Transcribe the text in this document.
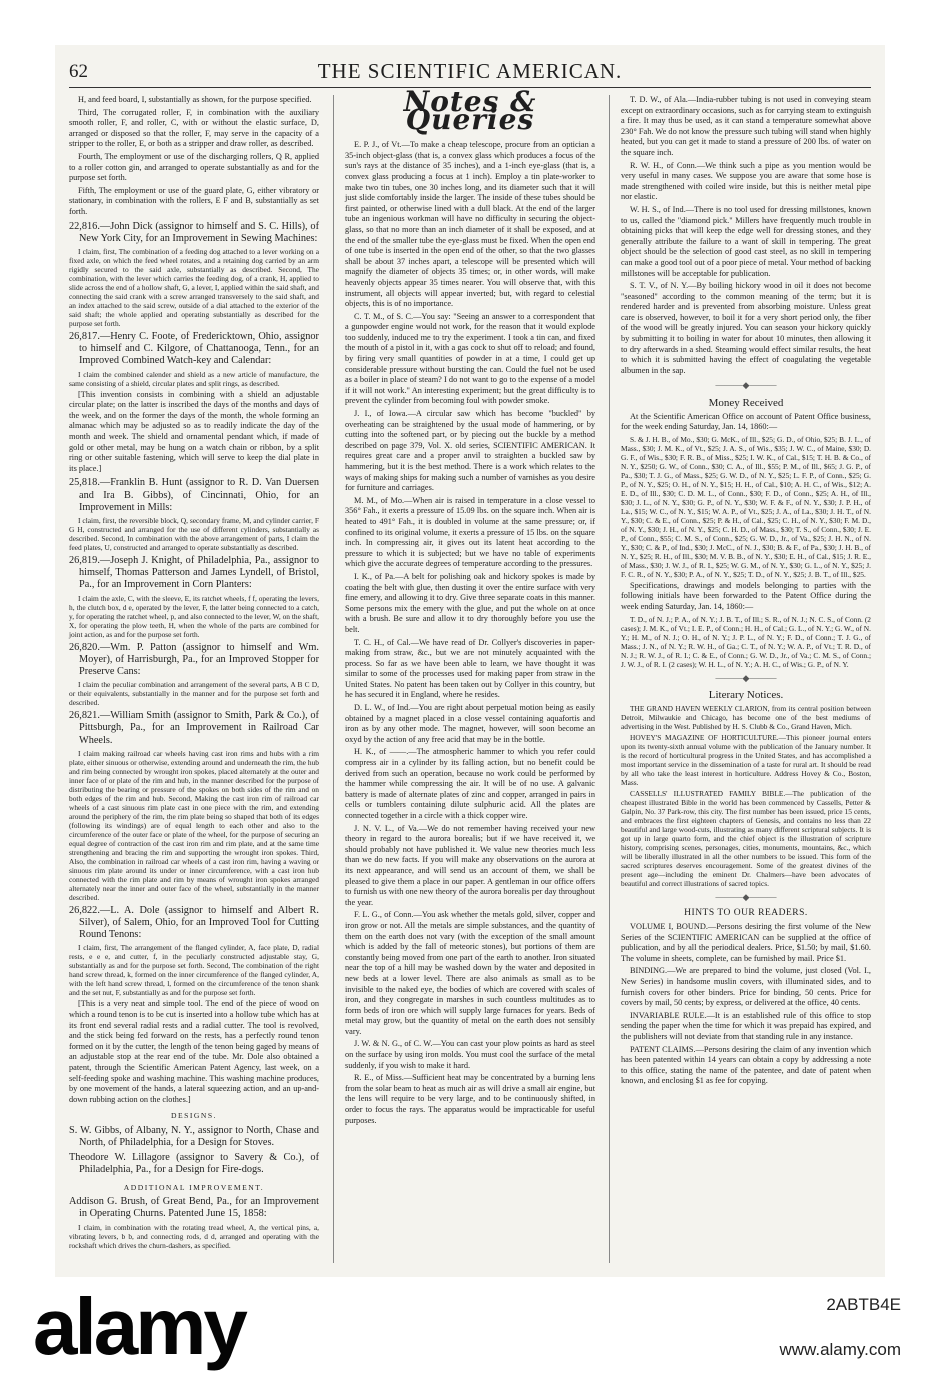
62	THE SCIENTIFIC AMERICAN.

H, and feed board, I, substantially as shown, for the purpose specified.

Third, The corrugated roller, F, in combination with the auxiliary smooth roller, F, and roller, C, with or without the elastic surface, D, arranged or disposed so that the roller, F, may serve in the capacity of a stripper to the roller, E, or both as a stripper and draw roller, as described.

Fourth, The employment or use of the discharging rollers, Q R, applied to a roller cotton gin, and arranged to operate substantially as and for the purpose set forth.

Fifth, The employment or use of the guard plate, G, either vibratory or stationary, in combination with the rollers, E F and B, substantially as set forth.

22,816.—John Dick (assignor to himself and S. C. Hills), of New York City, for an Improvement in Sewing Machines:

I claim, first, The combination of a feeding dog attached to a lever working on a fixed axle, on which the feed wheel rotates, and a retaining dog carried by an arm rigidly secured to the said axle, substantially as described. Second, The combination, with the lever which carries the feeding dog, of a crank, H, applied to slide across the end of a hollow shaft, G, a lever, I, applied within the said shaft, and connecting the said crank with a screw arranged transversely to the said shaft, and an index attached to the said screw, outside of a dial attached to the exterior of the said shaft; the whole applied and operating substantially as described for the purpose set forth.

26,817.—Henry C. Foote, of Fredericktown, Ohio, assignor to himself and C. Kilgore, of Chattanooga, Tenn., for an Improved Combined Watch-key and Calendar:

I claim the combined calender and shield as a new article of manufacture, the same consisting of a shield, circular plates and split rings, as described.

[This invention consists in combining with a shield an adjustable circular plate; on the latter is inscribed the days of the months and days of the week, and on the former the days of the month, the whole forming an almanac which may be adjusted so as to readily indicate the day of the month and week. The shield and ornamental pendant which, if made of gold or other metal, may be hung on a watch chain or ribbon, by a split ring or other suitable fastening, which will serve to keep the dial plate in its place.]

25,818.—Franklin B. Hunt (assignor to R. D. Van Duersen and Ira B. Gibbs), of Cincinnati, Ohio, for an Improvement in Mills:

I claim, first, the reversible block, Q, secondary frame, M, and cylinder carrier, F G H, constructed and arranged for the use of different cylinders, substantially as described. Second, In combination with the above arrangement of parts, I claim the feed plates, U, constructed and arranged to operate substantially as described.

26,819.—Joseph J. Knight, of Philadelphia, Pa., assignor to himself, Thomas Patterson and James Lyndell, of Bristol, Pa., for an Improvement in Corn Planters:

I claim the axle, C, with the sleeve, E, its ratchet wheels, f f, operating the levers, h, the clutch box, d e, operated by the lever, F, the latter being connected to a catch, y, for operating the ratchet wheel, p, and also connected to the lever, W, on the shaft, X, for operating the plow teeth, H, when the whole of the parts are combined for joint action, as and for the purpose set forth.

26,820.—Wm. P. Patton (assignor to himself and Wm. Moyer), of Harrisburgh, Pa., for an Improved Stopper for Preserve Cans:

I claim the peculiar combination and arrangement of the several parts, A B C D, or their equivalents, substantially in the manner and for the purpose set forth and described.

26,821.—William Smith (assignor to Smith, Park & Co.), of Pittsburgh, Pa., for an Improvement in Railroad Car Wheels.

I claim making railroad car wheels having cast iron rims and hubs with a rim plate, either sinuous or otherwise, extending around and underneath the rim, the hub and rim being connected by wrought iron spokes, placed alternately at the outer and inner face of or plate of the rim and hub, in the manner described for the purpose of distributing the bearing or pressure of the spokes on both sides of the rim and on both edges of the rim and hub. Second, Making the cast iron rim of railroad car wheels of a cast sinuous rim plate cast in one piece with the rim, and extending around the periphery of the rim, the rim plate being so shaped that both of its edges (following its windings) are of equal length to each other and also to the circumference of the outer face or plate of the wheel, for the purpose of securing an equal degree of contraction of the cast iron rim and rim plate, and at the same time strengthening and bracing the rim and supporting the wrought iron spokes. Third, Also, the combination in railroad car wheels of a cast iron rim, having a waving or sinuous rim plate around its under or inner circumference, with a cast iron hub connected with the rim plate and rim by means of wrought iron spokes arranged alternately near the inner and outer face of the wheel, substantially in the manner described.

26,822.—L. A. Dole (assignor to himself and Albert R. Silver), of Salem, Ohio, for an Improved Tool for Cutting Round Tenons:

I claim, first, The arrangement of the flanged cylinder, A, face plate, D, radial rests, e e e, and cutter, f, in the peculiarly constructed adjustable stay, G, substantially as and for the purpose set forth. Second, The combination of the right hand screw thread, k, formed on the inner circumference of the flanged cylinder, A, with the left hand screw thread, l, formed on the circumference of the tenon shank and the set nut, F, substantially as and for the purpose set forth.

[This is a very neat and simple tool. The end of the piece of wood on which a round tenon is to be cut is inserted into a hollow tube which has at its front end several radial rests and a radial cutter. The tool is revolved, and the stick being fed forward on the rests, has a perfectly round tenon formed on it by the cutter, the length of the tenon being gaged by means of an adjustable stop at the rear end of the tube. Mr. Dole also obtained a patent, through the Scientific American Patent Agency, last week, on a self-feeding spoke and washing machine. This washing machine produces, by one movement of the hands, a lateral squeezing action, and an up-and-down rubbing action on the clothes.]

DESIGNS.
S. W. Gibbs, of Albany, N. Y., assignor to North, Chase and North, of Philadelphia, for a Design for Stoves.
Theodore W. Lillagore (assignor to Savery & Co.), of Philadelphia, Pa., for a Design for Fire-dogs.
ADDITIONAL IMPROVEMENT.
Addison G. Brush, of Great Bend, Pa., for an Improvement in Operating Churns. Patented June 15, 1858:

I claim, in combination with the rotating tread wheel, A, the vertical pins, a, vibrating levers, b b, and connecting rods, d d, arranged and operating with the rockshaft which drives the churn-dashers, as specified.

Notes & Queries

E. P. J., of Vt.—To make a cheap telescope, procure from an optician a 35-inch object-glass (that is, a convex glass which produces a focus of the sun's rays at the distance of 35 inches), and a 1-inch eye-glass (that is, a convex glass producing a focus at 1 inch). Employ a tin plate-worker to make two tin tubes, one 30 inches long, and its diameter such that it will just slide comfortably inside the larger. The inside of these tubes should be first painted, or otherwise lined with a dull black. At the end of the larger tube an ingenious workman will have no difficulty in securing the object-glass, so that no more than an inch diameter of it shall be exposed, and at the end of the smaller tube the eye-glass must be fixed. When the open end of one tube is inserted in the open end of the other, so that the two glasses shall be about 37 inches apart, a telescope will be presented which will magnify the diameter of objects 35 times; or, in other words, will make heavenly objects appear 35 times nearer. You will observe that, with this instrument, all objects will appear inverted; but, with regard to celestial objects, this is of no importance.

C. T. M., of S. C.—You say: "Seeing an answer to a correspondent that a gunpowder engine would not work, for the reason that it would explode too suddenly, induced me to try the experiment. I took a tin can, and fixed the mouth of a pistol in it, with a gas cock to shut off to reload; and found, by firing very small quantities of powder in at a time, I could get up considerable pressure without bursting the can. Could the fuel not be used as a boiler in place of steam? I do not want to go to the expense of a model if it will not work." An interesting experiment; but the great difficulty is to prevent the cylinder from becoming foul with powder smoke.

J. I., of Iowa.—A circular saw which has become "buckled" by overheating can be straightened by the usual mode of hammering, or by cutting into the softened part, or by piecing out the buckle by a method described on page 379, Vol. X. old series, SCIENTIFIC AMERICAN. It requires great care and a proper anvil to straighten a buckled saw by hammering, but it is the best method. There is a work which relates to the ways of making ships for making such a number of varnishes as you desire for furniture and carriages.

M. M., of Mo.—When air is raised in temperature in a close vessel to 356° Fah., it exerts a pressure of 15.09 lbs. on the square inch. When air is heated to 491° Fah., it is doubled in volume at the same pressure; or, if confined to its original volume, it exerts a pressure of 15 lbs. on the square inch. In compressing air, it gives out its latent heat according to the pressure to which it is subjected; but we have no table of experiments which give the accurate degrees of temperature according to the pressures.

I. K., of Pa.—A belt for polishing oak and hickory spokes is made by coating the belt with glue, then dusting it over the entire surface with very fine emery, and allowing it to dry. Give three separate coats in this manner. Some persons mix the emery with the glue, and put the whole on at once with a brush. Be sure and allow it to dry thoroughly before you use the belt.

T. C. H., of Cal.—We have read of Dr. Collyer's discoveries in paper-making from straw, &c., but we are not minutely acquainted with the process. So far as we have been able to learn, we have thought it was similar to some of the processes used for making paper from straw in the United States. No patent has been taken out by Collyer in this country, but he has secured it in England, where he resides.

D. L. W., of Ind.—You are right about perpetual motion being as easily obtained by a magnet placed in a close vessel containing aquafortis and iron as by any other mode. The magnet, however, will soon become an oxyd by the action of any free acid that may be in the bottle.

H. K., of ——.—The atmospheric hammer to which you refer could compress air in a cylinder by its falling action, but no benefit could be derived from such an operation, because no work could be performed by the hammer while compressing the air. It will be of no use. A galvanic battery is made of alternate plates of zinc and copper, arranged in pairs in cells or tumblers containing dilute sulphuric acid. All the plates are connected together in a circle with a thick copper wire.

J. N. V. L., of Va.—We do not remember having received your new theory in regard to the aurora borealis; but if we have received it, we should probably not have published it. We value new theories much less than we do new facts. If you will make any observations on the aurora at its next appearance, and will send us an account of them, we shall be pleased to give them a place in our paper. A gentleman in our office offers to furnish us with one new theory of the aurora borealis per day throughout the year.

F. L. G., of Conn.—You ask whether the metals gold, silver, copper and iron grow or not. All the metals are simple substances, and the quantity of them on the earth does not vary (with the exception of the small amount which is added by the fall of meteoric stones), but portions of them are constantly being moved from one part of the earth to another. Iron situated near the top of a hill may be washed down by the water and deposited in new beds at a lower level. There are also animals as small as to be invisible to the naked eye, the bodies of which are covered with scales of iron, and they congregate in marshes in such countless multitudes as to form beds of iron ore which will supply large furnaces for years. Beds of metal may grow, but the quantity of metal on the earth does not sensibly vary.

J. W. & N. G., of C. W.—You can cast your plow points as hard as steel on the surface by using iron molds. You must cool the surface of the metal suddenly, if you wish to make it hard.

R. E., of Miss.—Sufficient heat may be concentrated by a burning lens from the solar beam to heat as much air as will drive a small air engine, but the lens will require to be very large, and to be continuously shifted, in order to focus the rays. The apparatus would be impracticable for useful purposes.

T. D. W., of Ala.—India-rubber tubing is not used in conveying steam except on extraordinary occasions, such as for carrying steam to extinguish a fire. It may thus be used, as it can stand a temperature somewhat above 230° Fah. We do not know the pressure such tubing will stand when highly heated, but you can get it made to stand a pressure of 200 lbs. of water on the square inch.

R. W. H., of Conn.—We think such a pipe as you mention would be very useful in many cases. We suppose you are aware that some hose is made strengthened with coiled wire inside, but this is neither metal pipe nor elastic.

W. H. S., of Ind.—There is no tool used for dressing millstones, known to us, called the "diamond pick." Millers have frequently much trouble in obtaining picks that will keep the edge well for dressing stones, and they generally attribute the failure to a want of skill in tempering. The great object should be the selection of good cast steel, as no skill in tempering can make a good tool out of a poor piece of metal. Your method of backing millstones will be acceptable for publication.

S. T. V., of N. Y.—By boiling hickory wood in oil it does not become "seasoned" according to the common meaning of the term; but it is rendered harder and is prevented from absorbing moisture. Unless great care is observed, however, to boil it for a very short period only, the fiber of the wood will be greatly injured. You can season your hickory quickly by submitting it to boiling in water for about 10 minutes, then allowing it to dry afterwards in a shed. Steaming would effect similar results, the heat to which it is submitted having the effect of coagulating the vegetable albumen in the sap.

———◆———
Money Received

At the Scientific American Office on account of Patent Office business, for the week ending Saturday, Jan. 14, 1860:—

S. & J. H. B., of Mo., $30; G. McK., of Ill., $25; G. D., of Ohio, $25; B. J. L., of Mass., $30; J. M. K., of Vt., $25; J. A. S., of Wis., $35; J. W. C., of Maine, $30; D. G. F., of Wis., $30; F. R. B., of Miss., $25; I. W. K., of Cal., $15; T. H. B. & Co., of N. Y., $250; G. W., of Conn., $30; C. A., of Ill., $55; P. M., of Ill., $65; J. G. P., of Pa., $30; T. J. G., of Mass., $25; G. W. D., of N. Y., $25; L. F. P., of Conn., $25; G. P., of N. Y., $25; O. H., of N. Y., $15; H. H., of Cal., $10; A. H. C., of Wis., $12; A. E. D., of Ill., $30; C. D. M. L., of Conn., $30; F. D., of Conn., $25; A. H., of Ill., $30; J. L., of N. Y., $30; G. P., of N. Y., $30; W. F. & F., of N. Y., $30; J. P. H., of La., $15; W. C., of N. Y., $15; W. A. P., of Vt., $25; J. A., of La., $30; J. H. T., of N. Y., $30; C. & E., of Conn., $25; P. & H., of Cal., $25; C. H., of N. Y., $30; F. M. D., of N. Y., $30; J. H., of N. Y., $25; C. H. D., of Mass., $30; T. S., of Conn., $30; J. E. P., of Conn., $55; C. M. S., of Conn., $25; G. W. D., Jr., of Va., $25; J. H. N., of N. Y., $30; C. & P., of Ind., $30; J. McC., of N. J., $30; B. & F., of Pa., $30; J. H. B., of N. Y., $25; R. H., of Ill., $30; M. V. B. B., of N. Y., $30; E. H., of Cal., $15; J. R. E., of Mass., $30; J. W. J., of R. I., $25; W. G. M., of N. Y., $30; G. L., of N. Y., $25; J. F. C. R., of N. Y., $30; P. A., of N. Y., $25; T. D., of N. Y., $25; J. B. T., of Ill., $25.

Specifications, drawings and models belonging to parties with the following initials have been forwarded to the Patent Office during the week ending Saturday, Jan. 14, 1860:—

T. D., of N. J.; P. A., of N. Y.; J. B. T., of Ill.; S. R., of N. J.; N. C. S., of Conn. (2 cases); J. M. K., of Vt.; I. E. P., of Conn.; H. H., of Cal.; G. L., of N. Y.; G. W., of N. Y.; H. M., of N. J.; O. H., of N. Y.; J. P. L., of N. Y.; F. D., of Conn.; T. J. G., of Mass.; J. N., of N. Y.; R. W. H., of Ga.; C. T., of N. Y.; W. A. P., of Vt.; T. R. D., of N. J.; R. W. J., of R. I.; C. & E., of Conn.; G. W. D., Jr., of Va.; C. M. S., of Conn.; J. W. J., of R. I. (2 cases); W. H. L., of N. Y.; A. H. C., of Wis.; G. P., of N. Y.

———◆———
Literary Notices.

THE GRAND HAVEN WEEKLY CLARION, from its central position between Detroit, Milwaukie and Chicago, has become one of the best mediums of advertising in the West. Published by H. S. Clubb & Co., Grand Haven, Mich.

HOVEY'S MAGAZINE OF HORTICULTURE.—This pioneer journal enters upon its twenty-sixth annual volume with the publication of the January number. It is the record of horticultural progress in the United States, and has accomplished a most important service in the dissemination of a taste for rural art. It should be read by all who take the least interest in horticulture. Address Hovey & Co., Boston, Mass.

CASSELLS' ILLUSTRATED FAMILY BIBLE.—The publication of the cheapest illustrated Bible in the world has been commenced by Cassells, Petter & Galpin, No. 37 Park-row, this city. The first number has been issued, price 15 cents, and embraces the first eighteen chapters of Genesis, and contains no less than 22 beautiful and large wood-cuts, illustrating as many different scriptural subjects. It is got up in large quarto form, and the chief object is the illustration of scripture history, comprising scenes, personages, cities, monuments, mountains, &c., which will be liberally illustrated in all the other numbers to be issued. This form of the sacred scriptures deserves encouragement. Some of the greatest divines of the present age—including the eminent Dr. Chalmers—have been advocates of beautiful and correct illustrations of sacred topics.

———◆———
HINTS TO OUR READERS.

VOLUME I, BOUND.—Persons desiring the first volume of the New Series of the SCIENTIFIC AMERICAN can be supplied at the office of publication, and by all the periodical dealers. Price, $1.50; by mail, $1.60. The volume in sheets, complete, can be furnished by mail. Price $1.

BINDING.—We are prepared to bind the volume, just closed (Vol. I., New Series) in handsome muslin covers, with illuminated sides, and to furnish covers for other binders. Price for binding, 50 cents. Price for covers by mail, 50 cents; by express, or delivered at the office, 40 cents.

INVARIABLE RULE.—It is an established rule of this office to stop sending the paper when the time for which it was prepaid has expired, and the publishers will not deviate from that standing rule in any instance.

PATENT CLAIMS.—Persons desiring the claim of any invention which has been patented within 14 years can obtain a copy by addressing a note to this office, stating the name of the patentee, and date of patent when known, and enclosing $1 as fee for copying.

alamy	2ABTB4E
www.alamy.com
